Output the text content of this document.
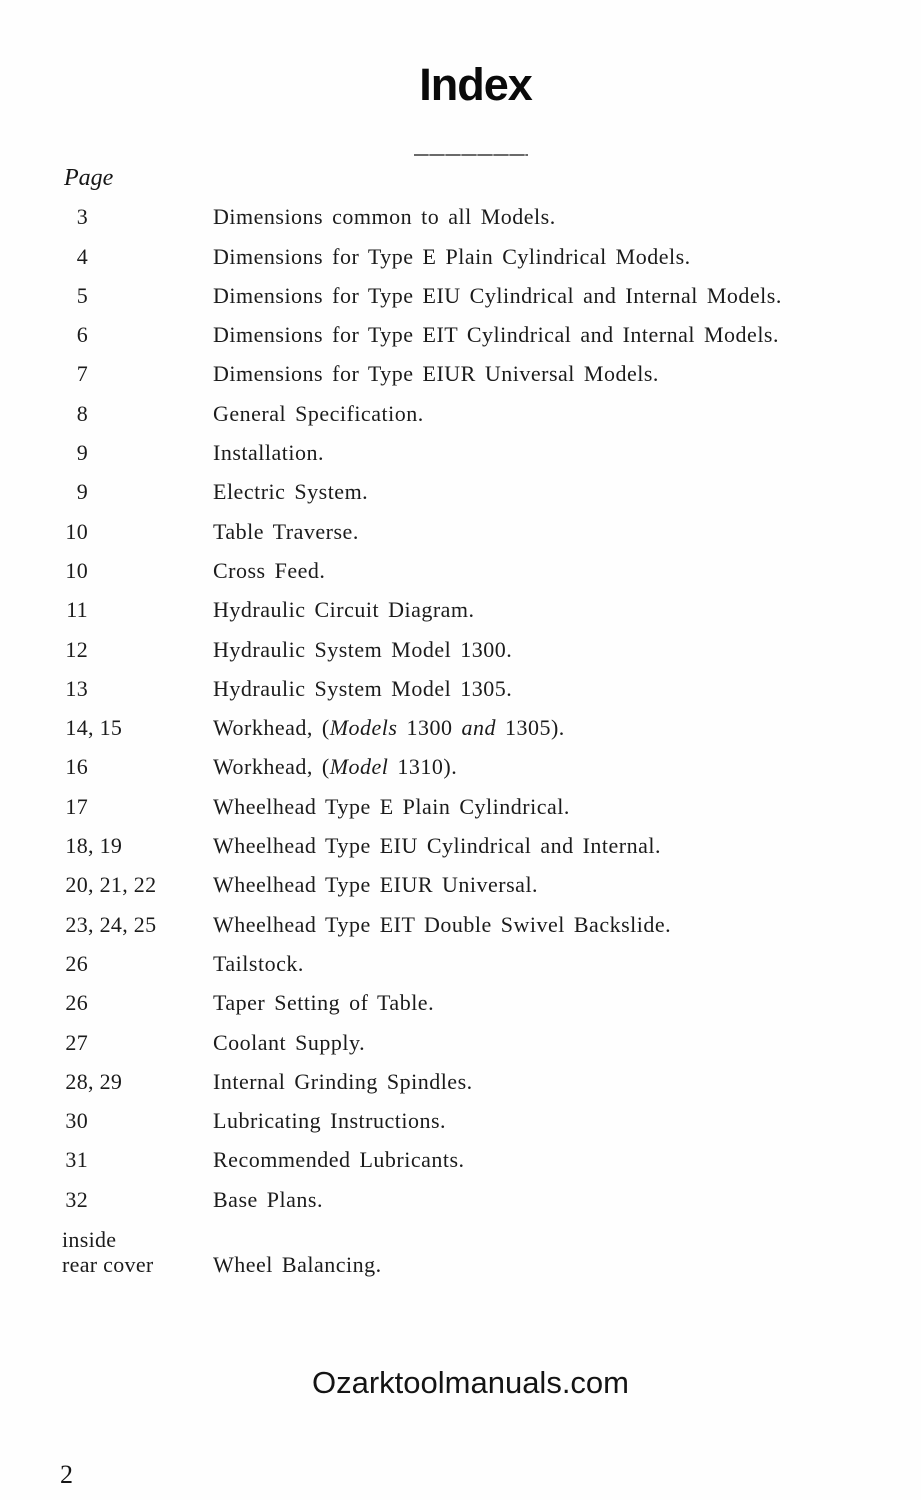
Index
Page
3	Dimensions common to all Models.
4	Dimensions for Type E Plain Cylindrical Models.
5	Dimensions for Type EIU Cylindrical and Internal Models.
6	Dimensions for Type EIT Cylindrical and Internal Models.
7	Dimensions for Type EIUR Universal Models.
8	General Specification.
9	Installation.
9	Electric System.
10	Table Traverse.
10	Cross Feed.
11	Hydraulic Circuit Diagram.
12	Hydraulic System Model 1300.
13	Hydraulic System Model 1305.
14, 15	Workhead, (Models 1300 and 1305).
16	Workhead, (Model 1310).
17	Wheelhead Type E Plain Cylindrical.
18, 19	Wheelhead Type EIU Cylindrical and Internal.
20, 21, 22	Wheelhead Type EIUR Universal.
23, 24, 25	Wheelhead Type EIT Double Swivel Backslide.
26	Tailstock.
26	Taper Setting of Table.
27	Coolant Supply.
28, 29	Internal Grinding Spindles.
30	Lubricating Instructions.
31	Recommended Lubricants.
32	Base Plans.
inside
rear cover	Wheel Balancing.
Ozarktoolmanuals.com
2
